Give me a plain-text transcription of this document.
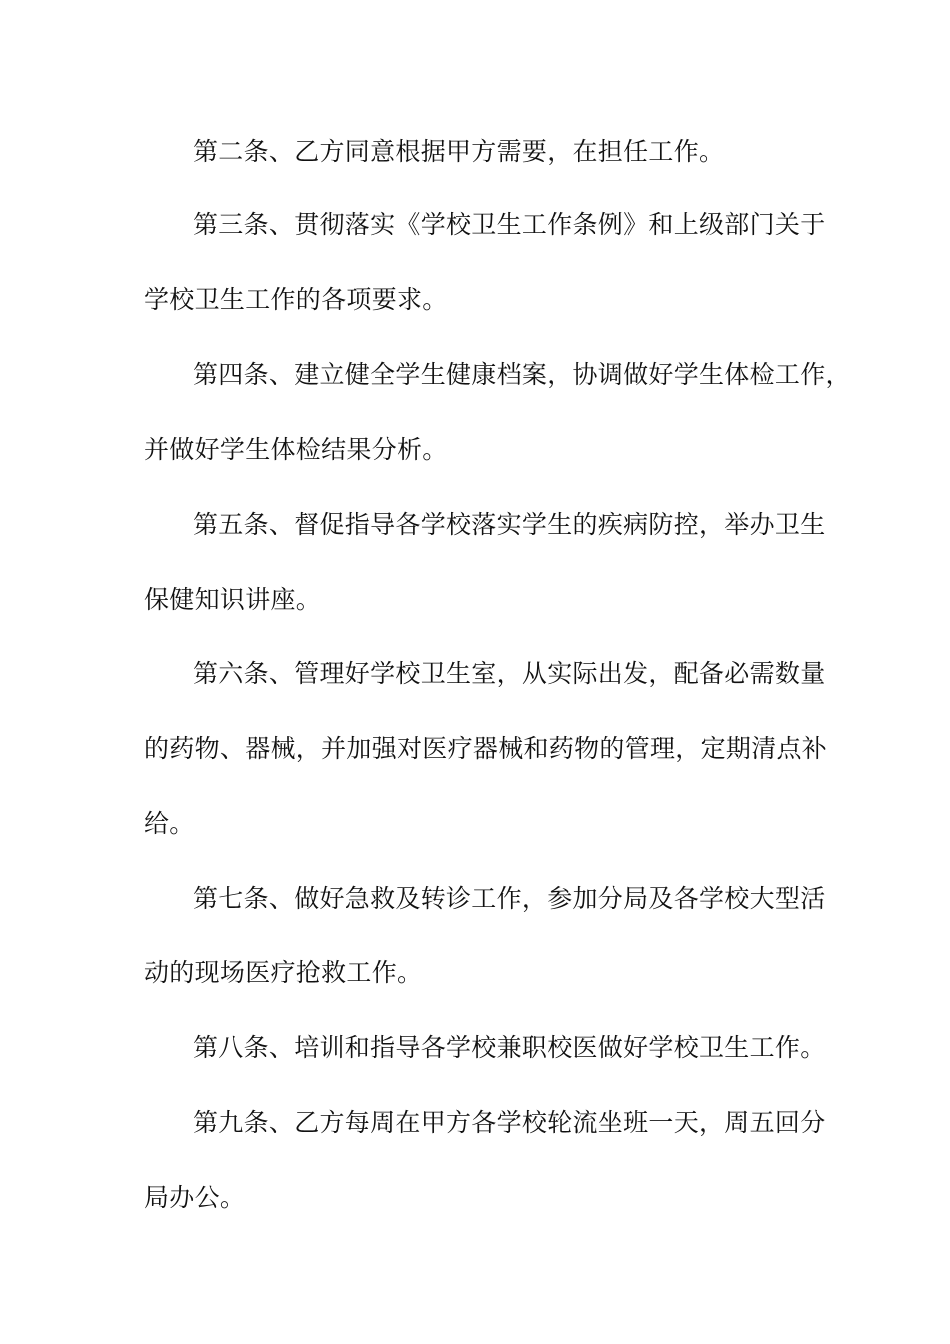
第二条、乙方同意根据甲方需要，在担任工作。
第三条、贯彻落实《学校卫生工作条例》和上级部门关于
学校卫生工作的各项要求。
第四条、建立健全学生健康档案，协调做好学生体检工作，
并做好学生体检结果分析。
第五条、督促指导各学校落实学生的疾病防控，举办卫生
保健知识讲座。
第六条、管理好学校卫生室，从实际出发，配备必需数量
的药物、器械，并加强对医疗器械和药物的管理，定期清点补
给。
第七条、做好急救及转诊工作，参加分局及各学校大型活
动的现场医疗抢救工作。
第八条、培训和指导各学校兼职校医做好学校卫生工作。
第九条、乙方每周在甲方各学校轮流坐班一天，周五回分
局办公。
